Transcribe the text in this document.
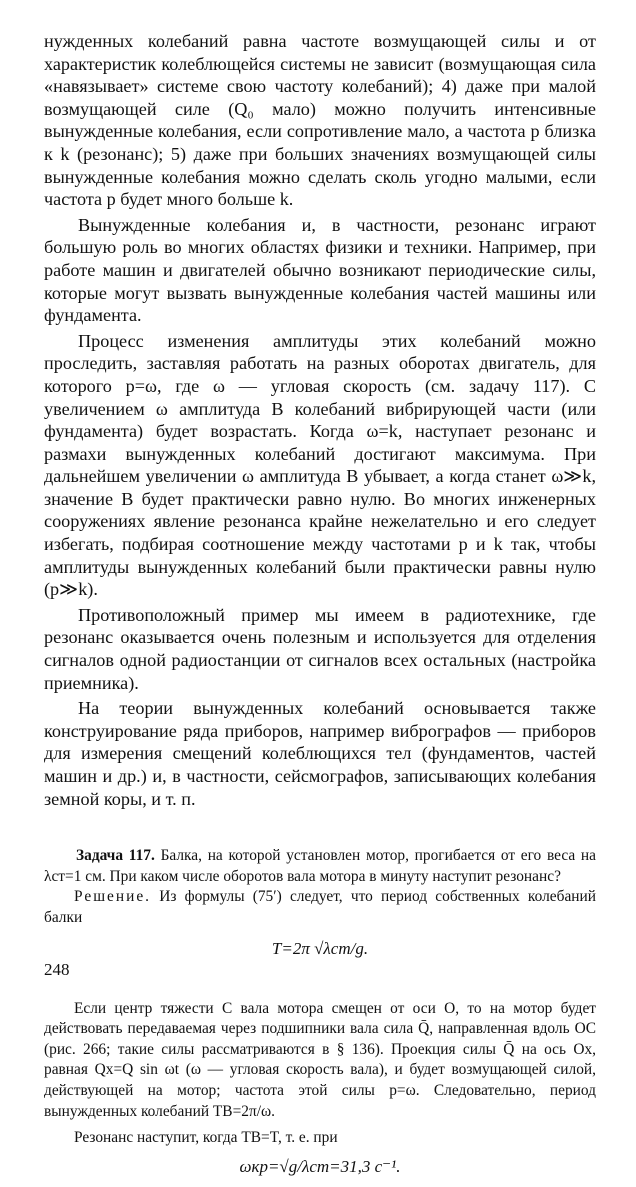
нужденных колебаний равна частоте возмущающей силы и от характеристик колеблющейся системы не зависит (возмущающая сила «навязывает» системе свою частоту колебаний); 4) даже при малой возмущающей силе (Q₀ мало) можно получить интенсивные вынужденные колебания, если сопротивление мало, а частота p близка к k (резонанс); 5) даже при больших значениях возмущающей силы вынужденные колебания можно сделать сколь угодно малыми, если частота p будет много больше k.

Вынужденные колебания и, в частности, резонанс играют большую роль во многих областях физики и техники. Например, при работе машин и двигателей обычно возникают периодические силы, которые могут вызвать вынужденные колебания частей машины или фундамента.

Процесс изменения амплитуды этих колебаний можно проследить, заставляя работать на разных оборотах двигатель, для которого p=ω, где ω — угловая скорость (см. задачу 117). С увеличением ω амплитуда B колебаний вибрирующей части (или фундамента) будет возрастать. Когда ω=k, наступает резонанс и размахи вынужденных колебаний достигают максимума. При дальнейшем увеличении ω амплитуда B убывает, а когда станет ω≫k, значение B будет практически равно нулю. Во многих инженерных сооружениях явление резонанса крайне нежелательно и его следует избегать, подбирая соотношение между частотами p и k так, чтобы амплитуды вынужденных колебаний были практически равны нулю (p≫k).

Противоположный пример мы имеем в радиотехнике, где резонанс оказывается очень полезным и используется для отделения сигналов одной радиостанции от сигналов всех остальных (настройка приемника).

На теории вынужденных колебаний основывается также конструирование ряда приборов, например вибрографов — приборов для измерения смещений колеблющихся тел (фундаментов, частей машин и др.) и, в частности, сейсмографов, записывающих колебания земной коры, и т. п.

Задача 117. Балка, на которой установлен мотор, прогибается от его веса на λст=1 см. При каком числе оборотов вала мотора в минуту наступит резонанс?

Решение. Из формулы (75′) следует, что период собственных колебаний балки

T=2π √λст/g.

Если центр тяжести C вала мотора смещен от оси O, то на мотор будет действовать передаваемая через подшипники вала сила Q̄, направленная вдоль OC (рис. 266; такие силы рассматриваются в § 136). Проекция силы Q̄ на ось Ox, равная Qx=Q sin ωt (ω — угловая скорость вала), и будет возмущающей силой, действующей на мотор; частота этой силы p=ω. Следовательно, период вынужденных колебаний TB=2π/ω.

Резонанс наступит, когда TB=T, т. е. при

ωкр=√g/λст=31,3 с⁻¹.
248
